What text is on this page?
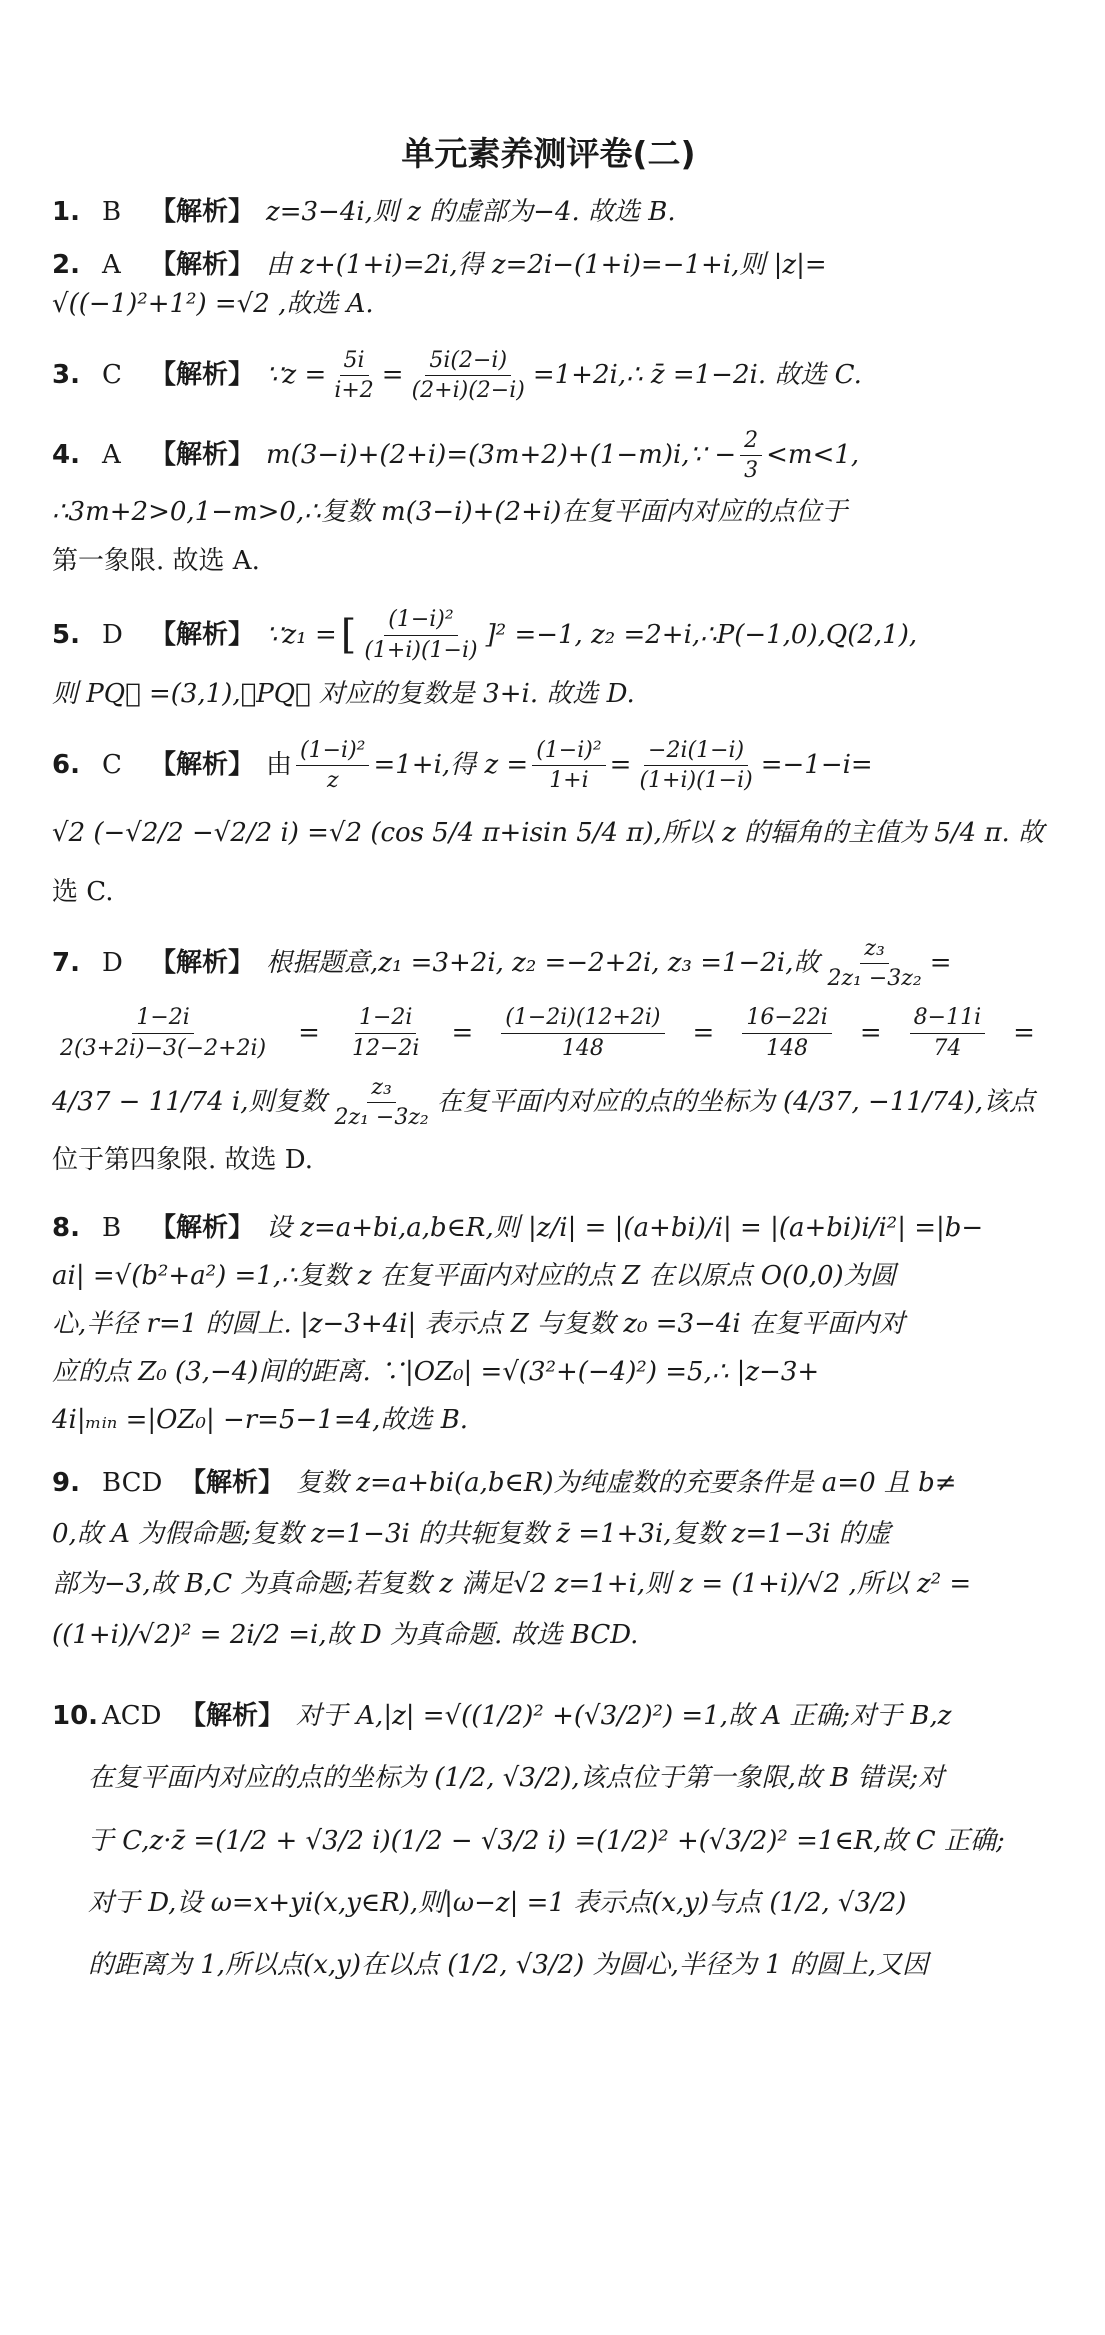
单元素养测评卷(二)
1. B	【解析】 z=3−4i,则 z 的虚部为−4. 故选 B.
2. A	【解析】 由 z+(1+i)=2i,得 z=2i−(1+i)=−1+i,则 |z|=
√((−1)²+1²) =√2 ,故选 A.
3. C	【解析】 ∵z = $\frac{5i}{i+2} = \frac{5i(2-i)}{(2+i)(2-i)}$ =1+2i,∴ z̄ =1−2i. 故选 C.
4. A	【解析】 m(3−i)+(2+i)=(3m+2)+(1−m)i,∵ − $\frac{2}{3} <m<1$,
∴3m+2>0,1−m>0,∴复数 m(3−i)+(2+i)在复平面内对应的点位于
第一象限. 故选 A.
5. D	【解析】 ∵z₁ = [ $\frac{\text{(1−i)²}}{(1+i)(1-i)} ]^2 =-1$, z₂ =2+i,∴P(−1,0),Q(2,1),
则 PQ⃗ =(3,1),∴PQ⃗ 对应的复数是 3+i. 故选 D.
6. C	【解析】 由 $\frac{\text{(1−i)²}}{z} =1+i$,得 $z = \frac{\text{(1−i)²}}{1+i} = \frac{-2i(1-i)}{(1+i)(1-i)} =-1-i=$
√2 (−√2/2 −√2/2 i) =√2 (cos 5/4 π+isin 5/4 π),所以 z 的辐角的主值为 5/4 π. 故
选 C.
7. D	【解析】 根据题意,z₁ =3+2i, z₂ =−2+2i, z₃ =1−2i,故 $\frac{\text{z₃}}{\text{2z₁ −3z₂}}$ =
$\frac{1-2i}{2(3+2i)-3(-2+2i)} = \frac{1-2i}{12-2i} = \frac{(1-2i)(12+2i)}{148} = \frac{16-22i}{148} = \frac{8-11i}{74}$ =
4/37 − 11/74 i,则复数 $\frac{\text{z₃}}{\text{2z₁ −3z₂}}$ 在复平面内对应的点的坐标为 (4/37, −11/74),该点
位于第四象限. 故选 D.
8. B	【解析】 设 z=a+bi,a,b∈R,则 |z/i| = |(a+bi)/i| = |(a+bi)i/i²| =|b−
ai| =√(b²+a²) =1,∴复数 z 在复平面内对应的点 Z 在以原点 O(0,0)为圆
心,半径 r=1 的圆上. |z−3+4i| 表示点 Z 与复数 z₀ =3−4i 在复平面内对
应的点 Z₀ (3,−4)间的距离. ∵|OZ₀| =√(3²+(−4)²) =5,∴ |z−3+
4i|ₘᵢₙ =|OZ₀| −r=5−1=4,故选 B.
9. BCD 【解析】 复数 z=a+bi(a,b∈R)为纯虚数的充要条件是 a=0 且 b≠
0,故 A 为假命题;复数 z=1−3i 的共轭复数 z̄ =1+3i,复数 z=1−3i 的虚
部为−3,故 B,C 为真命题;若复数 z 满足√2 z=1+i,则 z = (1+i)/√2 ,所以 z² =
((1+i)/√2)² = 2i/2 =i,故 D 为真命题. 故选 BCD.
10. ACD 【解析】 对于 A,|z| =√((1/2)² +(√3/2)²) =1,故 A 正确;对于 B,z
在复平面内对应的点的坐标为 (1/2, √3/2),该点位于第一象限,故 B 错误;对
于 C,z·z̄ =(1/2 + √3/2 i)(1/2 − √3/2 i) =(1/2)² +(√3/2)² =1∈R,故 C 正确;
对于 D,设 ω=x+yi(x,y∈R),则|ω−z| =1 表示点(x,y)与点 (1/2, √3/2)
的距离为 1,所以点(x,y)在以点 (1/2, √3/2) 为圆心,半径为 1 的圆上,又因
